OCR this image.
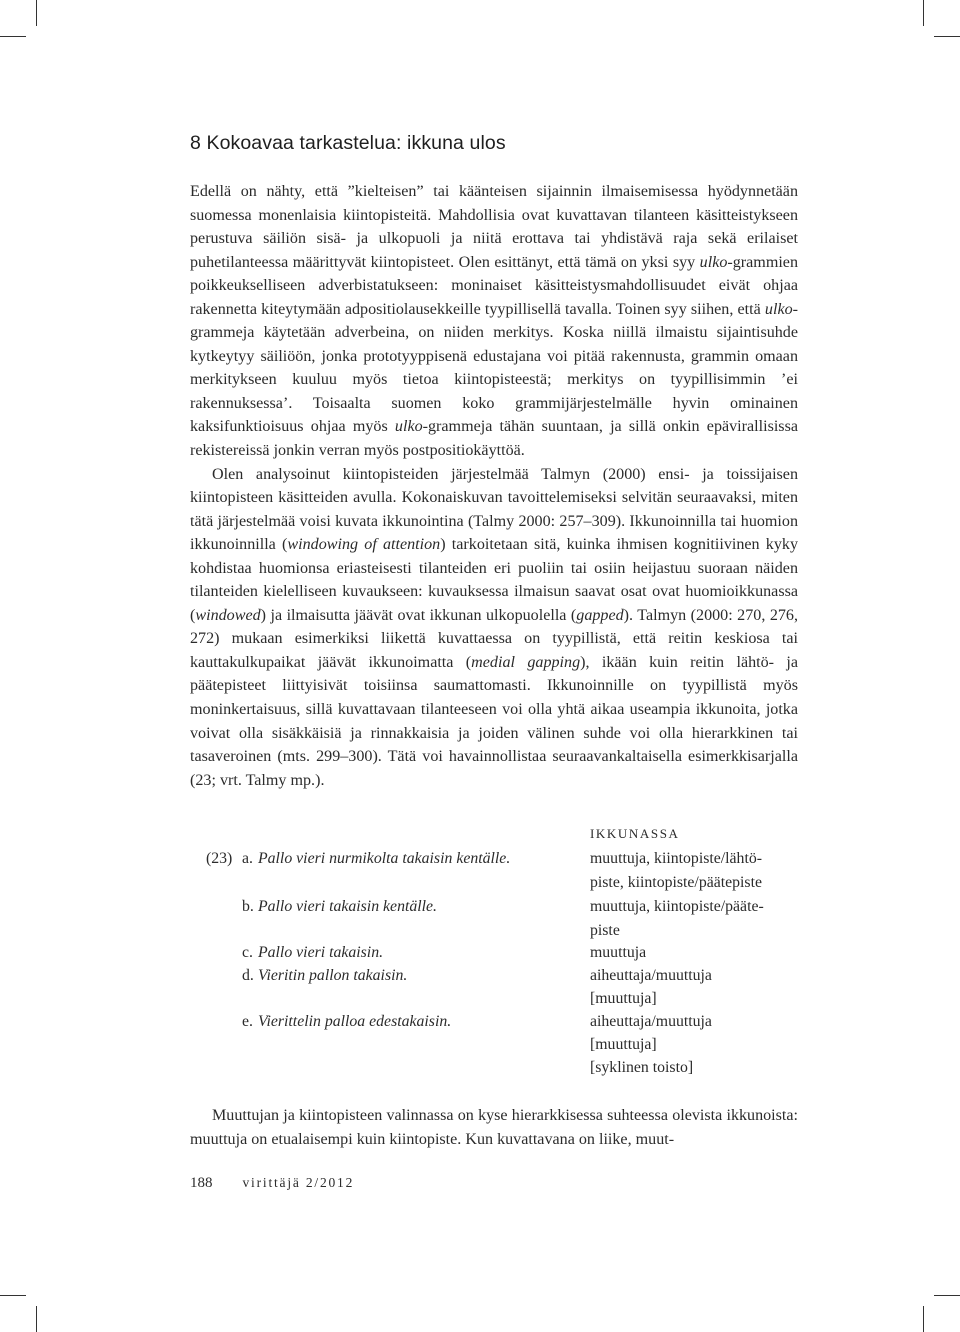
8 Kokoavaa tarkastelua: ikkuna ulos

Edellä on nähty, että ”kielteisen” tai käänteisen sijainnin ilmaisemisessa hyödynnetään suomessa monenlaisia kiintopisteitä. Mahdollisia ovat kuvattavan tilanteen käsitteistykseen perustuva säiliön sisä- ja ulkopuoli ja niitä erottava tai yhdistävä raja sekä erilaiset puhetilanteessa määrittyvät kiintopisteet. Olen esittänyt, että tämä on yksi syy ulko-grammien poikkeukselliseen adverbistatukseen: moninaiset käsitteistysmahdollisuudet eivät ohjaa rakennetta kiteytymään adpositiolausekkeille tyypillisellä tavalla. Toinen syy siihen, että ulko-grammeja käytetään adverbeina, on niiden merkitys. Koska niillä ilmaistu sijaintisuhde kytkeytyy säiliöön, jonka prototyyppisenä edustajana voi pitää rakennusta, grammin omaan merkitykseen kuuluu myös tietoa kiintopisteestä; merkitys on tyypillisimmin ’ei rakennuksessa’. Toisaalta suomen koko grammijärjestelmälle hyvin ominainen kaksifunktioisuus ohjaa myös ulko-grammeja tähän suuntaan, ja sillä onkin epävirallisissa rekistereissä jonkin verran myös postpositiokäyttöä.

Olen analysoinut kiintopisteiden järjestelmää Talmyn (2000) ensi- ja toissijaisen kiintopisteen käsitteiden avulla. Kokonaiskuvan tavoittelemiseksi selvitän seuraavaksi, miten tätä järjestelmää voisi kuvata ikkunointina (Talmy 2000: 257–309). Ikkunoinnilla tai huomion ikkunoinnilla (windowing of attention) tarkoitetaan sitä, kuinka ihmisen kognitiivinen kyky kohdistaa huomionsa eriasteisesti tilanteiden eri puoliin tai osiin heijastuu suoraan näiden tilanteiden kielelliseen kuvaukseen: kuvauksessa ilmaisun saavat osat ovat huomioikkunassa (windowed) ja ilmaisutta jäävät ovat ikkunan ulkopuolella (gapped). Talmyn (2000: 270, 276, 272) mukaan esimerkiksi liikettä kuvattaessa on tyypillistä, että reitin keskiosa tai kauttakulkupaikat jäävät ikkunoimatta (medial gapping), ikään kuin reitin lähtö- ja päätepisteet liittyisivät toisiinsa saumattomasti. Ikkunoinnille on tyypillistä myös moninkertaisuus, sillä kuvattavaan tilanteeseen voi olla yhtä aikaa useampia ikkunoita, jotka voivat olla sisäkkäisiä ja rinnakkaisia ja joiden välinen suhde voi olla hierarkkinen tai tasaveroinen (mts. 299–300). Tätä voi havainnollistaa seuraavankaltaisella esimerkkisarjalla (23; vrt. Talmy mp.).

IKKUNASSA
(23) a. Pallo vieri nurmikolta takaisin kentälle.	muuttuja, kiintopiste/lähtö-
piste, kiintopiste/päätepiste
b. Pallo vieri takaisin kentälle.	muuttuja, kiintopiste/pääte-
piste
c. Pallo vieri takaisin.	muuttuja
d. Vieritin pallon takaisin.	aiheuttaja/muuttuja
[muuttuja]
e. Vierittelin palloa edestakaisin.	aiheuttaja/muuttuja
[muuttuja]
[syklinen toisto]

Muuttujan ja kiintopisteen valinnassa on kyse hierarkkisessa suhteessa olevista ikkunoista: muuttuja on etualaisempi kuin kiintopiste. Kun kuvattavana on liike, muut-

188 virittäjä 2/2012
